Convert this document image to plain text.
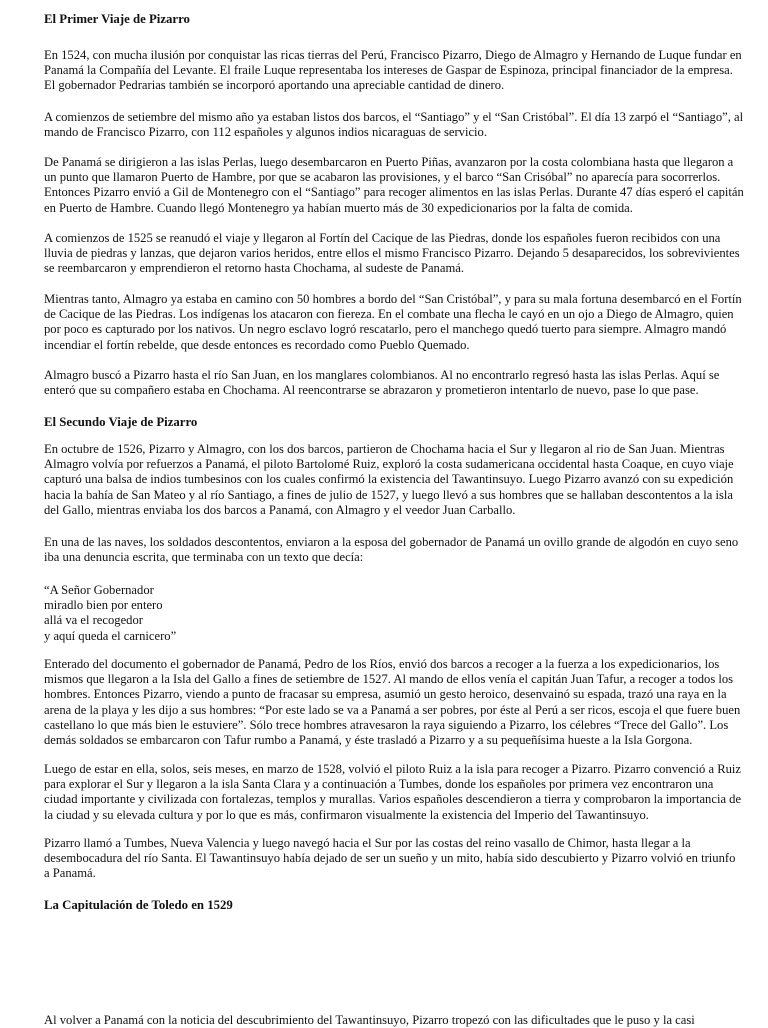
El Primer Viaje de Pizarro

En 1524, con mucha ilusión por conquistar las ricas tierras del Perú, Francisco Pizarro, Diego de Almagro y Hernando de Luque fundar en Panamá la Compañía del Levante. El fraile Luque representaba los intereses de Gaspar de Espinoza, principal financiador de la empresa. El gobernador Pedrarias también se incorporó aportando una apreciable cantidad de dinero.

A comienzos de setiembre del mismo año ya estaban listos dos barcos, el “Santiago” y el “San Cristóbal”. El día 13 zarpó el “Santiago”, al mando de Francisco Pizarro, con 112 españoles y algunos indios nicaraguas de servicio.

De Panamá se dirigieron a las islas Perlas, luego desembarcaron en Puerto Piñas, avanzaron por la costa colombiana hasta que llegaron a un punto que llamaron Puerto de Hambre, por que se acabaron las provisiones, y el barco “San Crisóbal” no aparecía para socorrerlos. Entonces Pizarro envió a Gil de Montenegro con el “Santiago” para recoger alimentos en las islas Perlas. Durante 47 días esperó el capitán en Puerto de Hambre. Cuando llegó Montenegro ya habían muerto más de 30 expedicionarios por la falta de comida.

A comienzos de 1525 se reanudó el viaje y llegaron al Fortín del Cacique de las Piedras, donde los españoles fueron recibidos con una lluvia de piedras y lanzas, que dejaron varios heridos, entre ellos el mismo Francisco Pizarro. Dejando 5 desaparecidos, los sobrevivientes se reembarcaron y emprendieron el retorno hasta Chochama, al sudeste de Panamá.

Mientras tanto, Almagro ya estaba en camino con 50 hombres a bordo del “San Cristóbal”, y para su mala fortuna desembarcó en el Fortín de Cacique de las Piedras. Los indígenas los atacaron con fiereza. En el combate una flecha le cayó en un ojo a Diego de Almagro, quien por poco es capturado por los nativos. Un negro esclavo logró rescatarlo, pero el manchego quedó tuerto para siempre. Almagro mandó incendiar el fortín rebelde, que desde entonces es recordado como Pueblo Quemado.

Almagro buscó a Pizarro hasta el río San Juan, en los manglares colombianos. Al no encontrarlo regresó hasta las islas Perlas. Aquí se enteró que su compañero estaba en Chochama. Al reencontrarse se abrazaron y prometieron intentarlo de nuevo, pase lo que pase.

El Secundo Viaje de Pizarro

En octubre de 1526, Pizarro y Almagro, con los dos barcos, partieron de Chochama hacia el Sur y llegaron al rio de San Juan. Mientras Almagro volvía por refuerzos a Panamá, el piloto Bartolomé Ruiz, exploró la costa sudamericana occidental hasta Coaque, en cuyo viaje capturó una balsa de indios tumbesinos con los cuales confirmó la existencia del Tawantinsuyo. Luego Pizarro avanzó con su expedición hacia la bahía de San Mateo y al río Santiago, a fines de julio de 1527, y luego llevó a sus hombres que se hallaban descontentos a la isla del Gallo, mientras enviaba los dos barcos a Panamá, con Almagro y el veedor Juan Carballo.

En una de las naves, los soldados descontentos, enviaron a la esposa del gobernador de Panamá un ovillo grande de algodón en cuyo seno iba una denuncia escrita, que terminaba con un texto que decía:

“A Señor Gobernador
miradlo bien por entero
allá va el recogedor
y aquí queda el carnicero”

Enterado del documento el gobernador de Panamá, Pedro de los Ríos, envió dos barcos a recoger a la fuerza a los expedicionarios, los mismos que llegaron a la Isla del Gallo a fines de setiembre de 1527. Al mando de ellos venía el capitán Juan Tafur, a recoger a todos los hombres. Entonces Pizarro, viendo a punto de fracasar su empresa, asumió un gesto heroico, desenvainó su espada, trazó una raya en la arena de la playa y les dijo a sus hombres: “Por este lado se va a Panamá a ser pobres, por éste al Perú a ser ricos, escoja el que fuere buen castellano lo que más bien le estuviere”. Sólo trece hombres atravesaron la raya siguiendo a Pizarro, los célebres “Trece del Gallo”. Los demás soldados se embarcaron con Tafur rumbo a Panamá, y éste trasladó a Pizarro y a su pequeñísima hueste a la Isla Gorgona.

Luego de estar en ella, solos, seis meses, en marzo de 1528, volvió el piloto Ruiz a la isla para recoger a Pizarro. Pizarro convenció a Ruiz para explorar el Sur y llegaron a la isla Santa Clara y a continuación a Tumbes, donde los españoles por primera vez encontraron una ciudad importante y civilizada con fortalezas, templos y murallas. Varios españoles descendieron a tierra y comprobaron la importancia de la ciudad y su elevada cultura y por lo que es más, confirmaron visualmente la existencia del Imperio del Tawantinsuyo.

Pizarro llamó a Tumbes, Nueva Valencia y luego navegó hacia el Sur por las costas del reino vasallo de Chimor, hasta llegar a la desembocadura del río Santa. El Tawantinsuyo había dejado de ser un sueño y un mito, había sido descubierto y Pizarro volvió en triunfo a Panamá.

La Capitulación de Toledo en 1529

Al volver a Panamá con la noticia del descubrimiento del Tawantinsuyo, Pizarro tropezó con las dificultades que le puso y la casi
